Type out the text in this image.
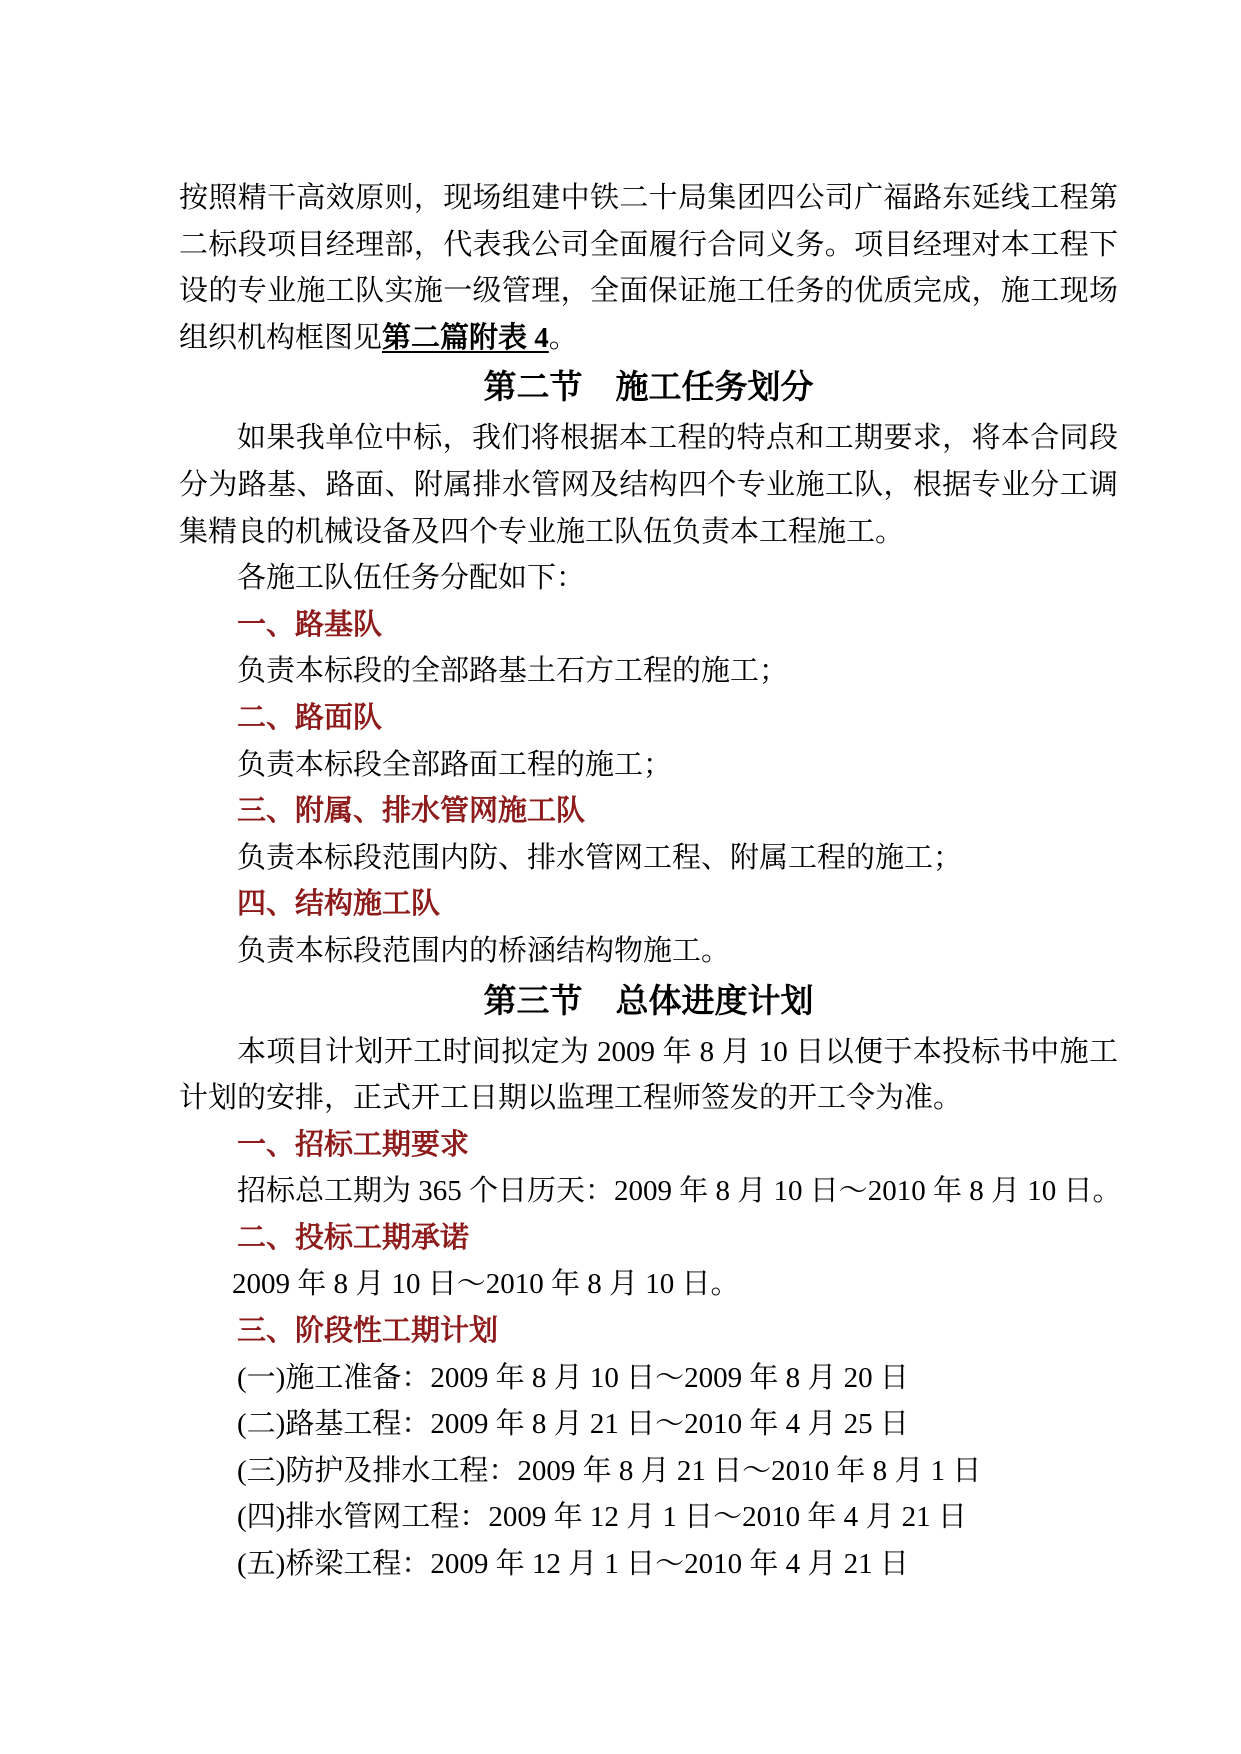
按照精干高效原则，现场组建中铁二十局集团四公司广福路东延线工程第
二标段项目经理部，代表我公司全面履行合同义务。项目经理对本工程下
设的专业施工队实施一级管理，全面保证施工任务的优质完成，施工现场
组织机构框图见第二篇附表 4。
第二节　施工任务划分
如果我单位中标，我们将根据本工程的特点和工期要求，将本合同段
分为路基、路面、附属排水管网及结构四个专业施工队，根据专业分工调
集精良的机械设备及四个专业施工队伍负责本工程施工。
各施工队伍任务分配如下：
一、路基队
负责本标段的全部路基土石方工程的施工；
二、路面队
负责本标段全部路面工程的施工；
三、附属、排水管网施工队
负责本标段范围内防、排水管网工程、附属工程的施工；
四、结构施工队
负责本标段范围内的桥涵结构物施工。
第三节　总体进度计划
本项目计划开工时间拟定为 2009 年 8 月 10 日以便于本投标书中施工
计划的安排，正式开工日期以监理工程师签发的开工令为准。
一、招标工期要求
招标总工期为 365 个日历天：2009 年 8 月 10 日～2010 年 8 月 10 日。
二、投标工期承诺
2009 年 8 月 10 日～2010 年 8 月 10 日。
三、阶段性工期计划
(一)施工准备：2009 年 8 月 10 日～2009 年 8 月 20 日
(二)路基工程：2009 年 8 月 21 日～2010 年 4 月 25 日
(三)防护及排水工程：2009 年 8 月 21 日～2010 年 8 月 1 日
(四)排水管网工程：2009 年 12 月 1 日～2010 年 4 月 21 日
(五)桥梁工程：2009 年 12 月 1 日～2010 年 4 月 21 日
